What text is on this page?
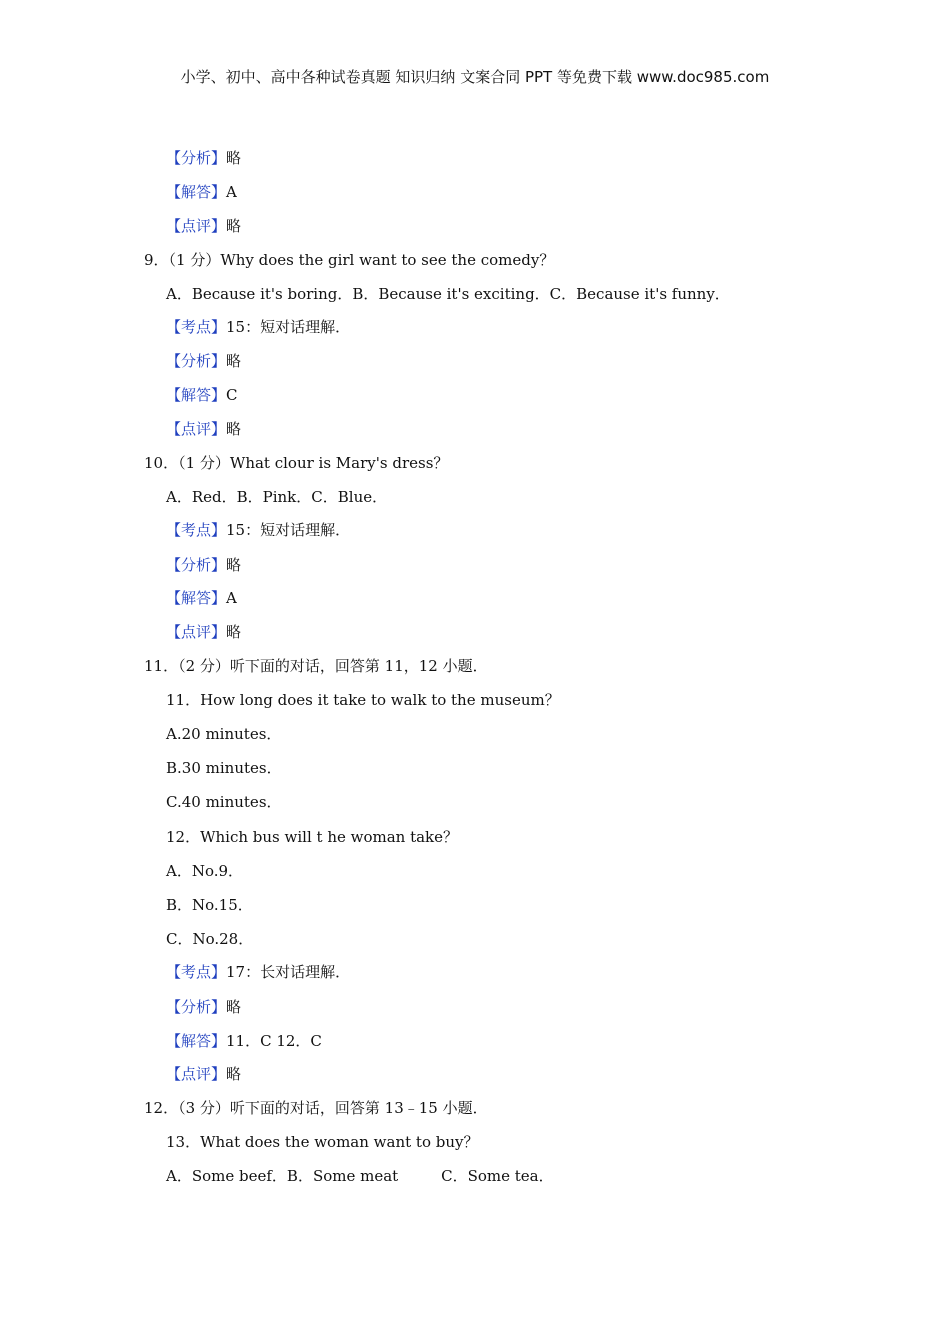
小学、初中、高中各种试卷真题 知识归纳 文案合同 PPT 等免费下载 www.doc985.com
【分析】略
【解答】A
【点评】略
9．（1 分）Why does the girl want to see the comedy？
A．Because it's boring．B．Because it's exciting．C．Because it's funny．
【考点】15：短对话理解．
【分析】略
【解答】C
【点评】略
10．（1 分）What clour is Mary's dress？
A．Red．B．Pink．C．Blue．
【考点】15：短对话理解．
【分析】略
【解答】A
【点评】略
11．（2 分）听下面的对话，回答第 11，12 小题．
11．How long does it take to walk to the museum？
A.20 minutes．
B.30 minutes．
C.40 minutes．
12．Which bus will t he woman take？
A．No.9．
B．No.15．
C．No.28．
【考点】17：长对话理解．
【分析】略
【解答】11．C 12．C
【点评】略
12．（3 分）听下面的对话，回答第 13﹣15 小题．
13．What does the woman want to buy？
A．Some beef．B．Some meat         C．Some tea．
